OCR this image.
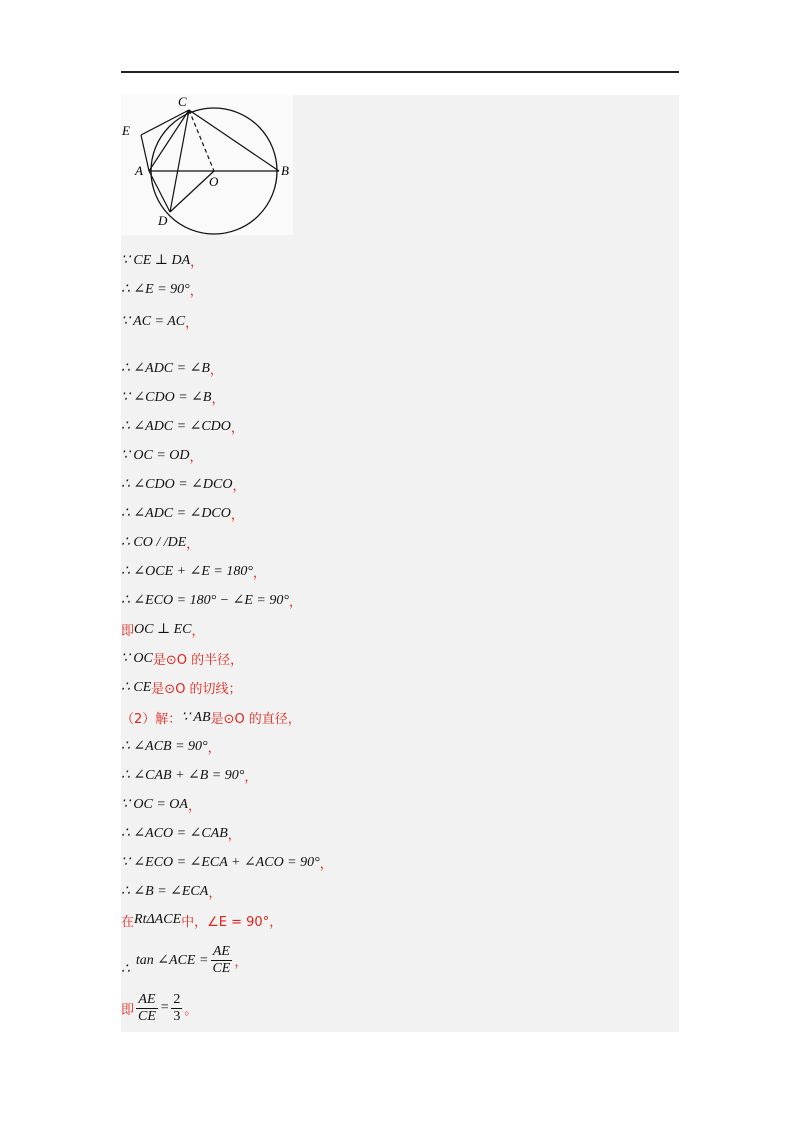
C
E
A
O
B
D
∵ CE ⊥ DA ，
∴ ∠E = 90° ，
∵ AC = AC ，
∴ ∠ADC = ∠B ，
∵ ∠CDO = ∠B ，
∴ ∠ADC = ∠CDO ，
∵ OC = OD ，
∴ ∠CDO = ∠DCO ，
∴ ∠ADC = ∠DCO ，
∴ CO / /DE ，
∴ ∠OCE + ∠E = 180° ，
∴ ∠ECO = 180° − ∠E = 90° ，
即 OC ⊥ EC ，
∵ OC 是⊙O 的半径，
∴ CE 是⊙O 的切线；
（2）解： ∵ AB 是⊙O 的直径，
∴ ∠ACB = 90° ，
∴ ∠CAB + ∠B = 90° ，
∵ OC = OA ，
∴ ∠ACO = ∠CAB ，
∵ ∠ECO = ∠ECA + ∠ACO = 90° ，
∴ ∠B = ∠ECA ，
在 RtΔACE 中，∠E = 90°，
∴
tan ∠ACE = $\frac{AE}{CE}$ ，
即 $\frac{AE}{CE} = \frac{2}{3}$ 。
